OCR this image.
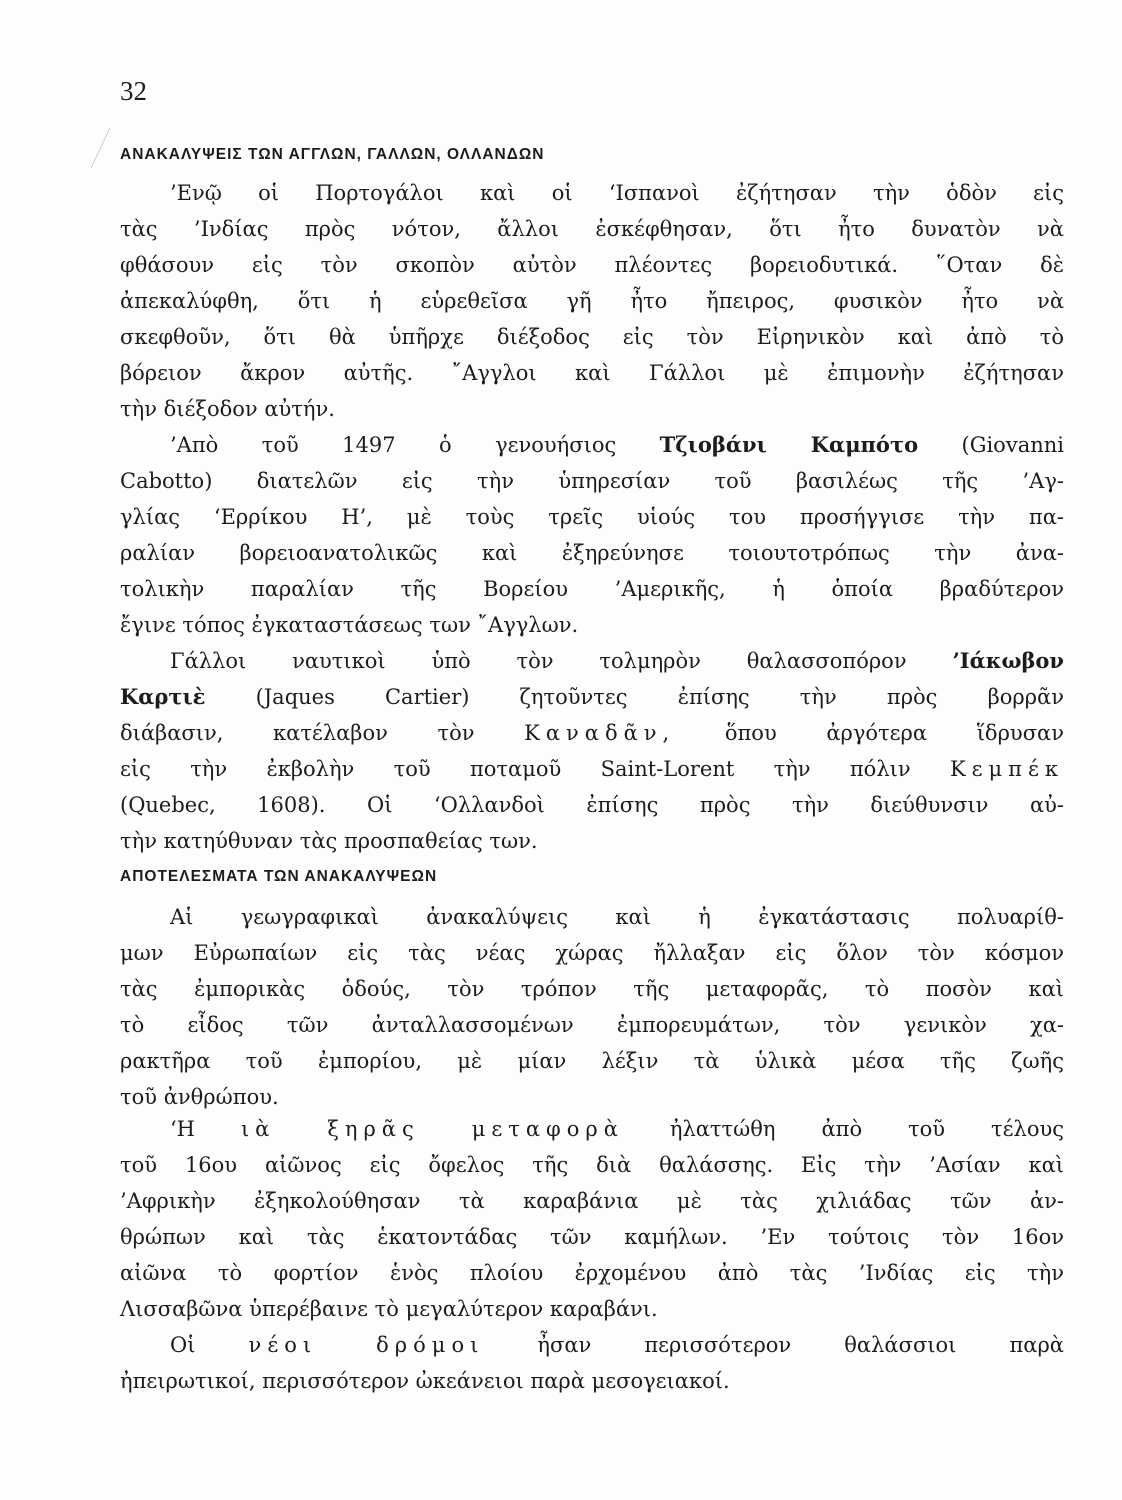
32
ΑΝΑΚΑΛΥΨΕΙΣ ΤΩΝ ΑΓΓΛΩΝ, ΓΑΛΛΩΝ, ΟΛΛΑΝΔΩΝ
’Ενῷ οἱ Πορτογάλοι καὶ οἱ ‘Ισπανοὶ ἐζήτησαν τὴν ὁδὸν εἰς
τὰς ’Ινδίας πρὸς νότον, ἄλλοι ἐσκέφθησαν, ὅτι ἦτο δυνατὸν νὰ
φθάσουν εἰς τὸν σκοπὸν αὐτὸν πλέοντες βορειοδυτικά. ῞Οταν δὲ
ἀπεκαλύφθη, ὅτι ἡ εὑρεθεῖσα γῆ ἦτο ἤπειρος, φυσικὸν ἦτο νὰ
σκεφθοῦν, ὅτι θὰ ὑπῆρχε διέξοδος εἰς τὸν Εἰρηνικὸν καὶ ἀπὸ τὸ
βόρειον ἄκρον αὐτῆς. ῎Αγγλοι καὶ Γάλλοι μὲ ἐπιμονὴν ἐζήτησαν
τὴν διέξοδον αὐτήν.
’Απὸ τοῦ 1497 ὁ γενουήσιος Τζιοβάνι Καμπότο (Giovanni
Cabotto) διατελῶν εἰς τὴν ὑπηρεσίαν τοῦ βασιλέως τῆς ’Αγ-
γλίας ‘Ερρίκου Η’, μὲ τοὺς τρεῖς υἱούς του προσήγγισε τὴν πα-
ραλίαν βορειοανατολικῶς καὶ ἐξηρεύνησε τοιουτοτρόπως τὴν ἀνα-
τολικὴν παραλίαν τῆς Βορείου ’Αμερικῆς, ἡ ὁποία βραδύτερον
ἔγινε τόπος ἐγκαταστάσεως των ῎Αγγλων.
Γάλλοι ναυτικοὶ ὑπὸ τὸν τολμηρὸν θαλασσοπόρον ’Ιάκωβον
Καρτιὲ (Jaques Cartier) ζητοῦντες ἐπίσης τὴν πρὸς βορρᾶν
διάβασιν, κατέλαβον τὸν Καναδᾶν, ὅπου ἀργότερα ἵδρυσαν
εἰς τὴν ἐκβολὴν τοῦ ποταμοῦ Saint-Lorent τὴν πόλιν Κεμπέκ
(Quebec, 1608). Οἱ ‘Ολλανδοὶ ἐπίσης πρὸς τὴν διεύθυνσιν αὐ-
τὴν κατηύθυναν τὰς προσπαθείας των.
ΑΠΟΤΕΛΕΣΜΑΤΑ ΤΩΝ ΑΝΑΚΑΛΥΨΕΩΝ
Αἱ γεωγραφικαὶ ἀνακαλύψεις καὶ ἡ ἐγκατάστασις πολυαρίθ-
μων Εὐρωπαίων εἰς τὰς νέας χώρας ἤλλαξαν εἰς ὅλον τὸν κόσμον
τὰς ἐμπορικὰς ὁδούς, τὸν τρόπον τῆς μεταφορᾶς, τὸ ποσὸν καὶ
τὸ εἶδος τῶν ἀνταλλασσομένων ἐμπορευμάτων, τὸν γενικὸν χα-
ρακτῆρα τοῦ ἐμπορίου, μὲ μίαν λέξιν τὰ ὑλικὰ μέσα τῆς ζωῆς
τοῦ ἀνθρώπου.
‘Η ιὰ ξηρᾶς μεταφορὰ ἠλαττώθη ἀπὸ τοῦ τέλους
τοῦ 16ου αἰῶνος εἰς ὄφελος τῆς διὰ θαλάσσης. Εἰς τὴν ’Ασίαν καὶ
’Αφρικὴν ἐξηκολούθησαν τὰ καραβάνια μὲ τὰς χιλιάδας τῶν ἀν-
θρώπων καὶ τὰς ἑκατοντάδας τῶν καμήλων. ’Εν τούτοις τὸν 16ον
αἰῶνα τὸ φορτίον ἑνὸς πλοίου ἐρχομένου ἀπὸ τὰς ’Ινδίας εἰς τὴν
Λισσαβῶνα ὑπερέβαινε τὸ μεγαλύτερον καραβάνι.
Οἱ	νέοι δρόμοι	ἦσαν περισσότερον θαλάσσιοι παρὰ
ἠπειρωτικοί, περισσότερον ὠκεάνειοι παρὰ μεσογειακοί.
